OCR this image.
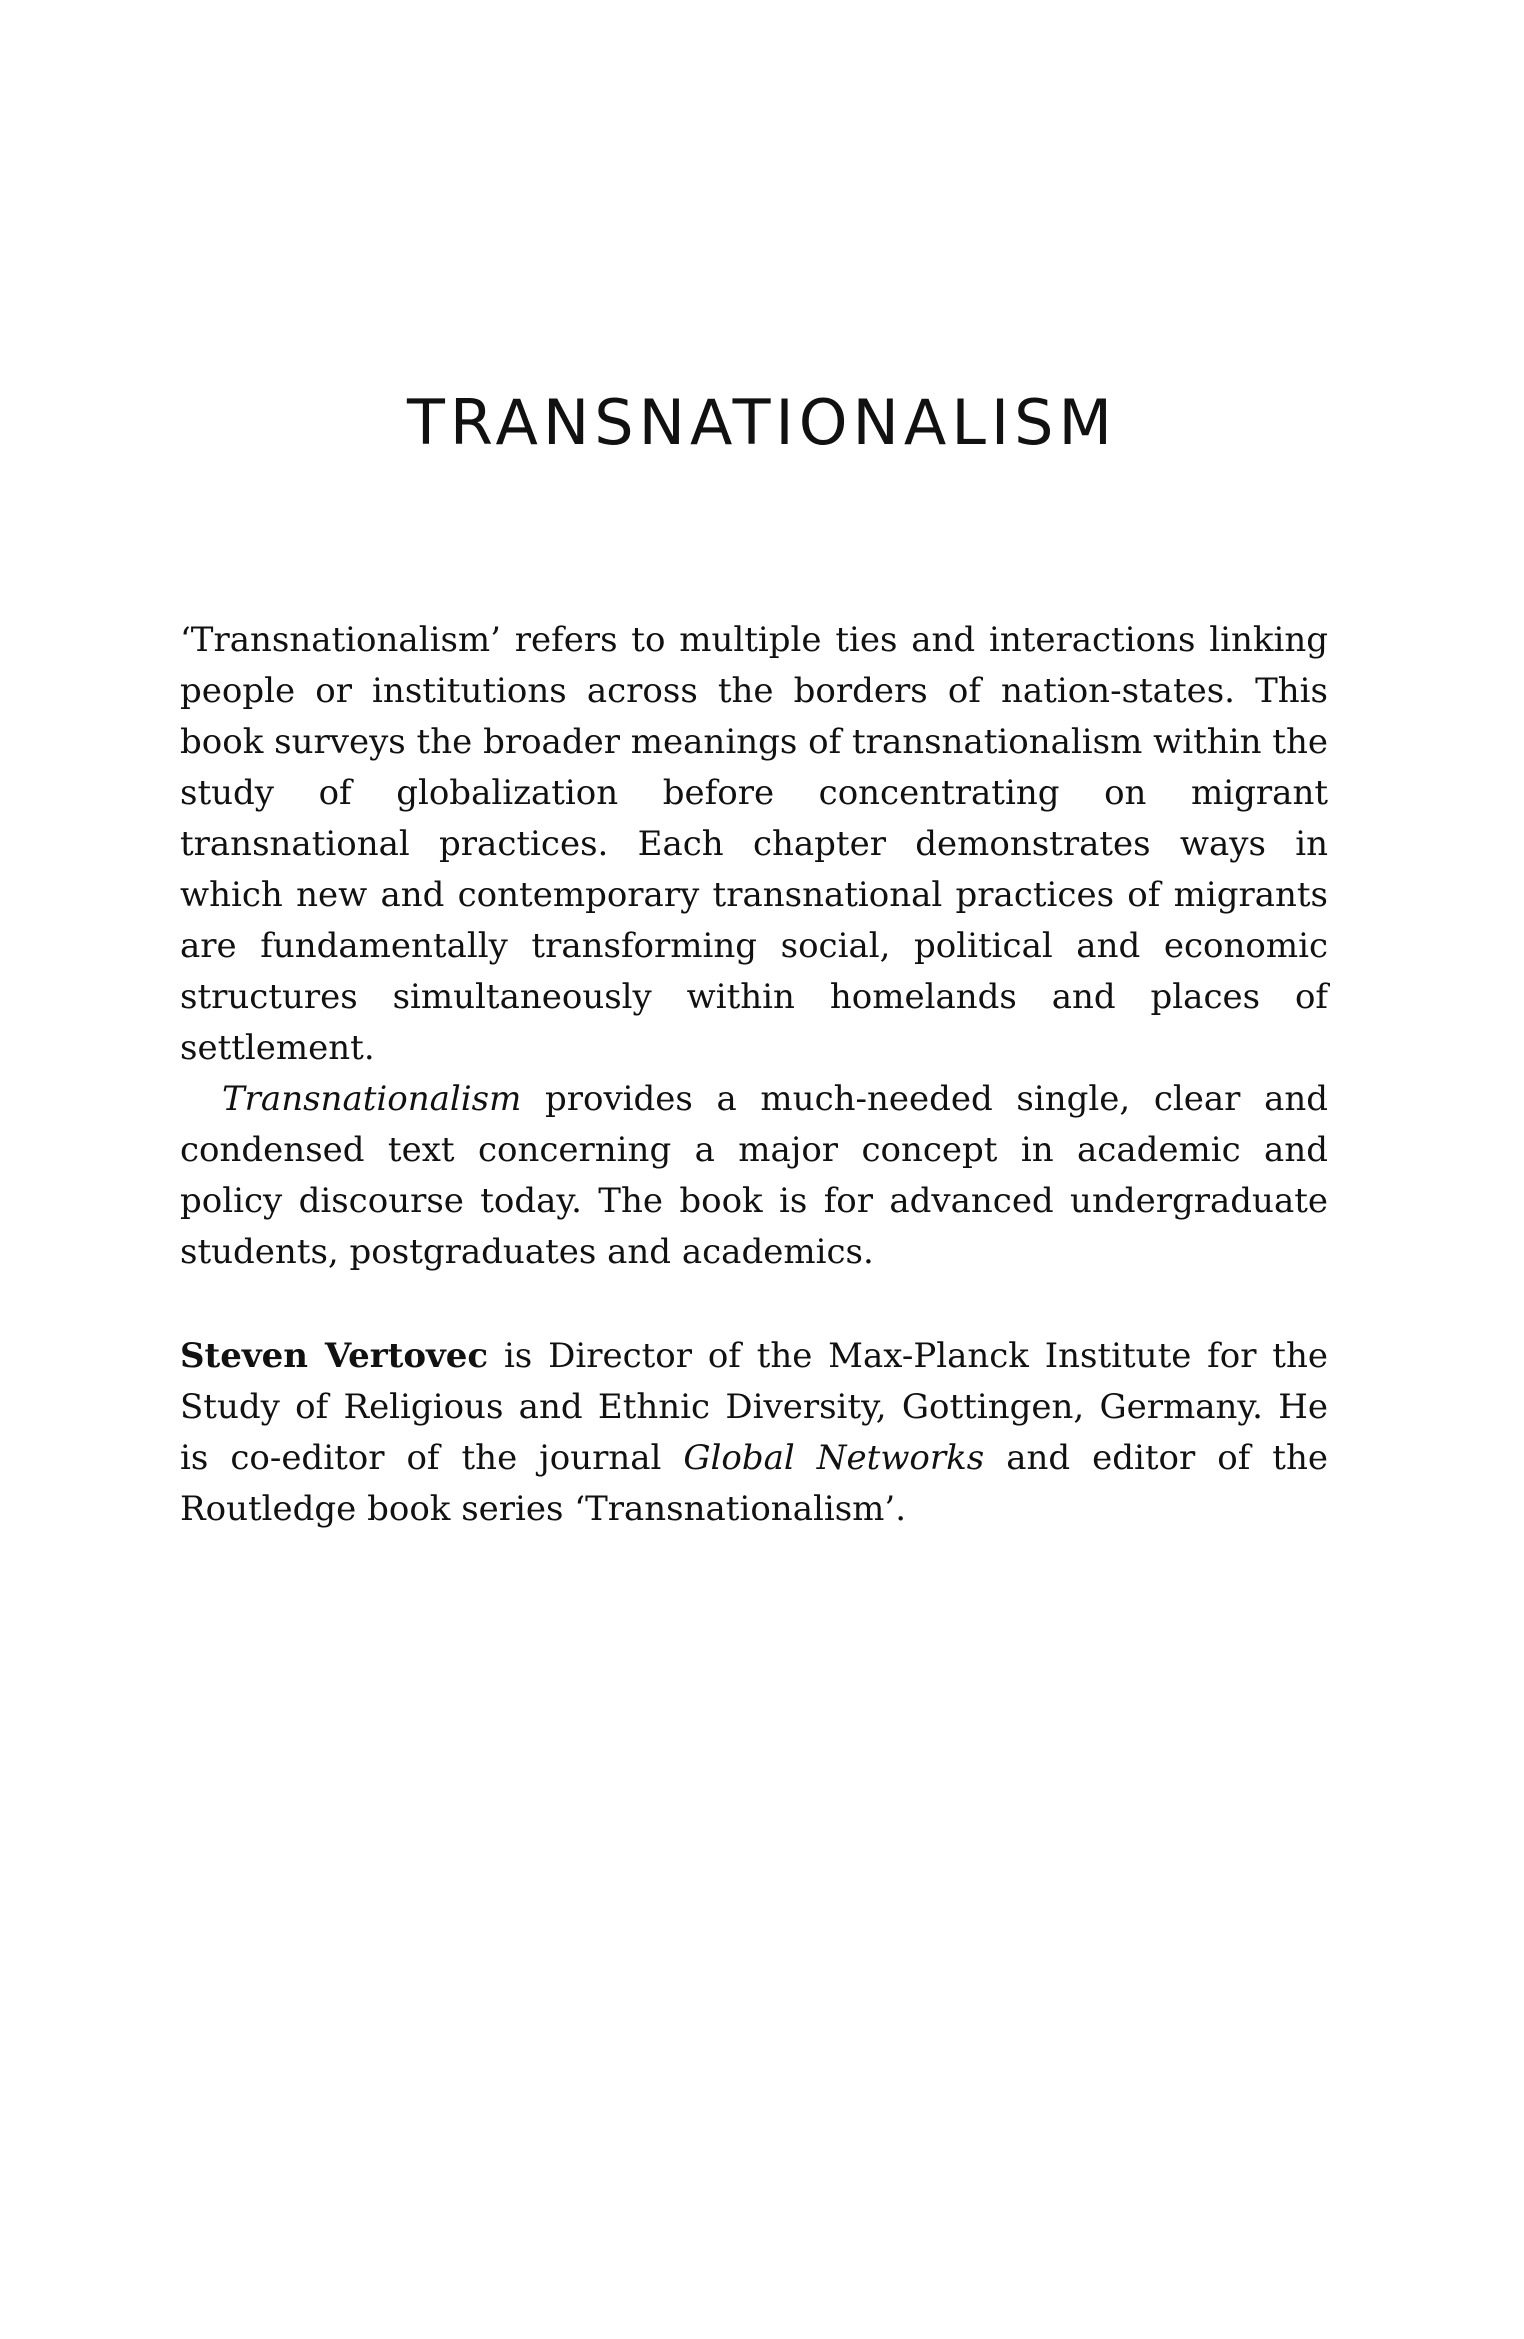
TRANSNATIONALISM

‘Transnationalism’ refers to multiple ties and interactions linking people or institutions across the borders of nation-states. This book surveys the broader meanings of transnationalism within the study of globalization before concentrating on migrant transnational practices. Each chapter demonstrates ways in which new and contemporary transnational practices of migrants are fundamentally transforming social, political and economic structures simultaneously within homelands and places of settlement.

Transnationalism provides a much-needed single, clear and condensed text concerning a major concept in academic and policy discourse today. The book is for advanced undergraduate students, postgraduates and academics.

Steven Vertovec is Director of the Max-Planck Institute for the Study of Religious and Ethnic Diversity, Gottingen, Germany. He is co-editor of the journal Global Networks and editor of the Routledge book series ‘Transnationalism’.
